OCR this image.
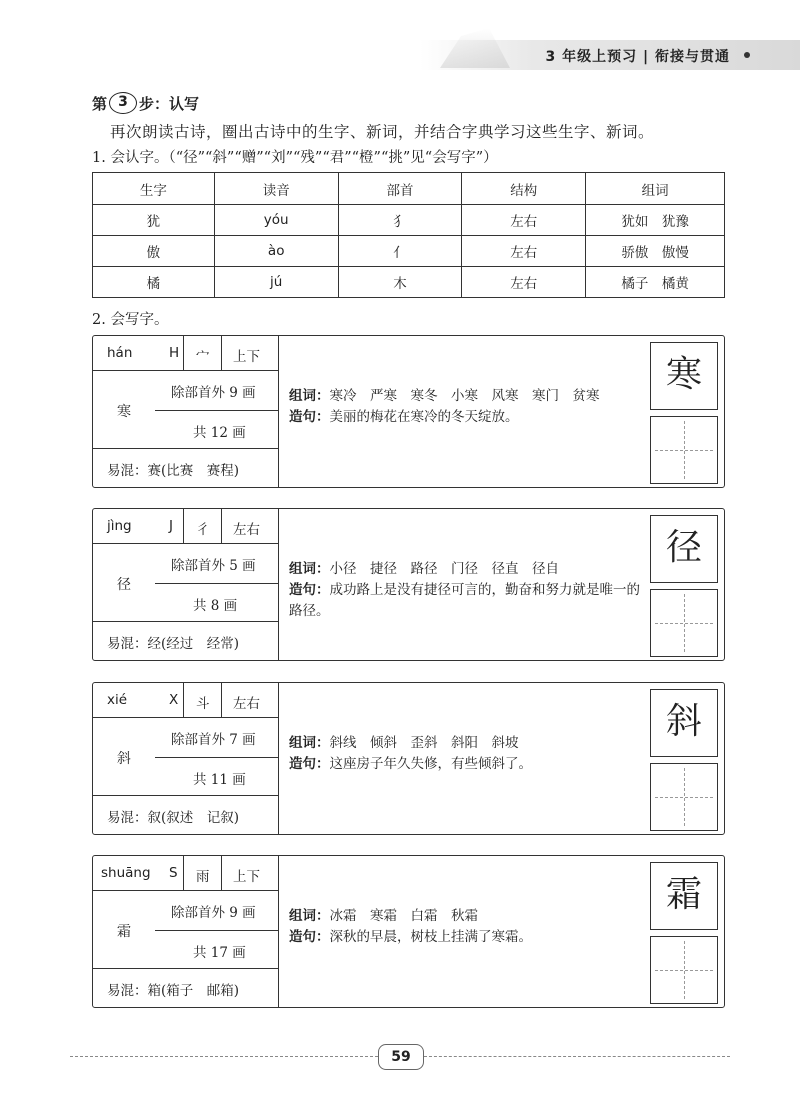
3 年级上预习 | 衔接与贯通
第 3 步：认写
再次朗读古诗，圈出古诗中的生字、新词，并结合字典学习这些生字、新词。
1. 会认字。（“径”“斜”“赠”“刘”“残”“君”“橙”“挑”见“会写字”）
生字	读音	部首	结构	组词
犹	yóu	犭	左右	犹如　犹豫
傲	ào	亻	左右	骄傲　傲慢
橘	jú	木	左右	橘子　橘黄
2. 会写字。
hán	H 宀 上下
寒
除部首外 9 画
共 12 画
易混：赛(比赛　赛程)
组词：寒冷　严寒　寒冬　小寒　风寒　寒门　贫寒
造句：美丽的梅花在寒冷的冬天绽放。
寒
jìng	J 彳 左右
径
除部首外 5 画
共 8 画
易混：经(经过　经常)
组词：小径　捷径　路径　门径　径直　径自
造句：成功路上是没有捷径可言的，勤奋和努力就是唯一的路径。
径
xié	X 斗 左右
斜
除部首外 7 画
共 11 画
易混：叙(叙述　记叙)
组词：斜线　倾斜　歪斜　斜阳　斜坡
造句：这座房子年久失修，有些倾斜了。
斜
shuāng S 雨 上下
霜
除部首外 9 画
共 17 画
易混：箱(箱子　邮箱)
组词：冰霜　寒霜　白霜　秋霜
造句：深秋的早晨，树枝上挂满了寒霜。
霜
59
